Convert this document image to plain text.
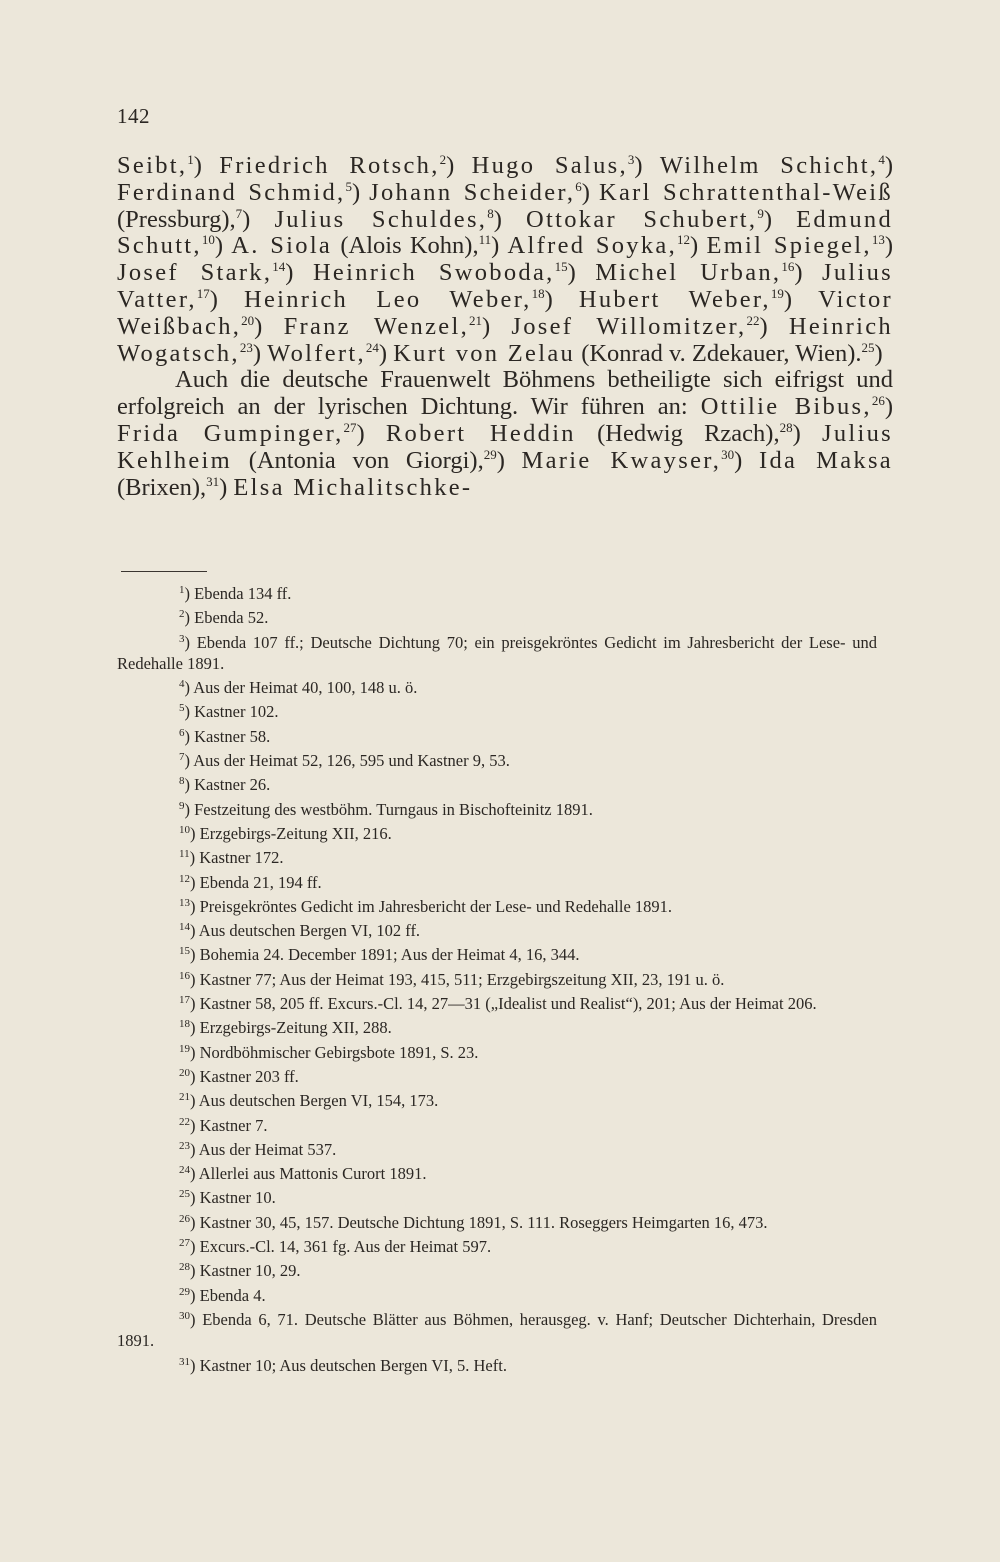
142

Seibt,$^1$) Friedrich Rotsch,$^2$) Hugo Salus,$^3$) Wilhelm Schicht,$^4$) Ferdinand Schmid,$^5$) Johann Scheider,$^6$) Karl Schrattenthal-Weiß (Pressburg),$^7$) Julius Schuldes,$^8$) Ottokar Schubert,$^9$) Edmund Schutt,$^{10}$) A. Siola (Alois Kohn),$^{11}$) Alfred Soyka,$^{12}$) Emil Spiegel,$^{13}$) Josef Stark,$^{14}$) Heinrich Swoboda,$^{15}$) Michel Urban,$^{16}$) Julius Vatter,$^{17}$) Heinrich Leo Weber,$^{18}$) Hubert Weber,$^{19}$) Victor Weißbach,$^{20}$) Franz Wenzel,$^{21}$) Josef Willomitzer,$^{22}$) Heinrich Wogatsch,$^{23}$) Wolfert,$^{24}$) Kurt von Zelau (Konrad v. Zdekauer, Wien).$^{25}$)

Auch die deutsche Frauenwelt Böhmens betheiligte sich eifrigst und erfolgreich an der lyrischen Dichtung. Wir führen an: Ottilie Bibus,$^{26}$) Frida Gumpinger,$^{27}$) Robert Heddin (Hedwig Rzach),$^{28}$) Julius Kehlheim (Antonia von Giorgi),$^{29}$) Marie Kwayser,$^{30}$) Ida Maksa (Brixen),$^{31}$) Elsa Michalitschke-

$^1$) Ebenda 134 ff.
$^2$) Ebenda 52.
$^3$) Ebenda 107 ff.; Deutsche Dichtung 70; ein preisgekröntes Gedicht im Jahresbericht der Lese- und Redehalle 1891.
$^4$) Aus der Heimat 40, 100, 148 u. ö.
$^5$) Kastner 102.
$^6$) Kastner 58.
$^7$) Aus der Heimat 52, 126, 595 und Kastner 9, 53.
$^8$) Kastner 26.
$^9$) Festzeitung des westböhm. Turngaus in Bischofteinitz 1891.
$^{10}$) Erzgebirgs-Zeitung XII, 216.
$^{11}$) Kastner 172.
$^{12}$) Ebenda 21, 194 ff.
$^{13}$) Preisgekröntes Gedicht im Jahresbericht der Lese- und Redehalle 1891.
$^{14}$) Aus deutschen Bergen VI, 102 ff.
$^{15}$) Bohemia 24. December 1891; Aus der Heimat 4, 16, 344.
$^{16}$) Kastner 77; Aus der Heimat 193, 415, 511; Erzgebirgszeitung XII, 23, 191 u. ö.
$^{17}$) Kastner 58, 205 ff. Excurs.-Cl. 14, 27—31 („Idealist und Realist“), 201; Aus der Heimat 206.
$^{18}$) Erzgebirgs-Zeitung XII, 288.
$^{19}$) Nordböhmischer Gebirgsbote 1891, S. 23.
$^{20}$) Kastner 203 ff.
$^{21}$) Aus deutschen Bergen VI, 154, 173.
$^{22}$) Kastner 7.
$^{23}$) Aus der Heimat 537.
$^{24}$) Allerlei aus Mattonis Curort 1891.
$^{25}$) Kastner 10.
$^{26}$) Kastner 30, 45, 157. Deutsche Dichtung 1891, S. 111. Roseggers Heimgarten 16, 473.
$^{27}$) Excurs.-Cl. 14, 361 fg. Aus der Heimat 597.
$^{28}$) Kastner 10, 29.
$^{29}$) Ebenda 4.
$^{30}$) Ebenda 6, 71. Deutsche Blätter aus Böhmen, herausgeg. v. Hanf; Deutscher Dichterhain, Dresden 1891.
$^{31}$) Kastner 10; Aus deutschen Bergen VI, 5. Heft.
